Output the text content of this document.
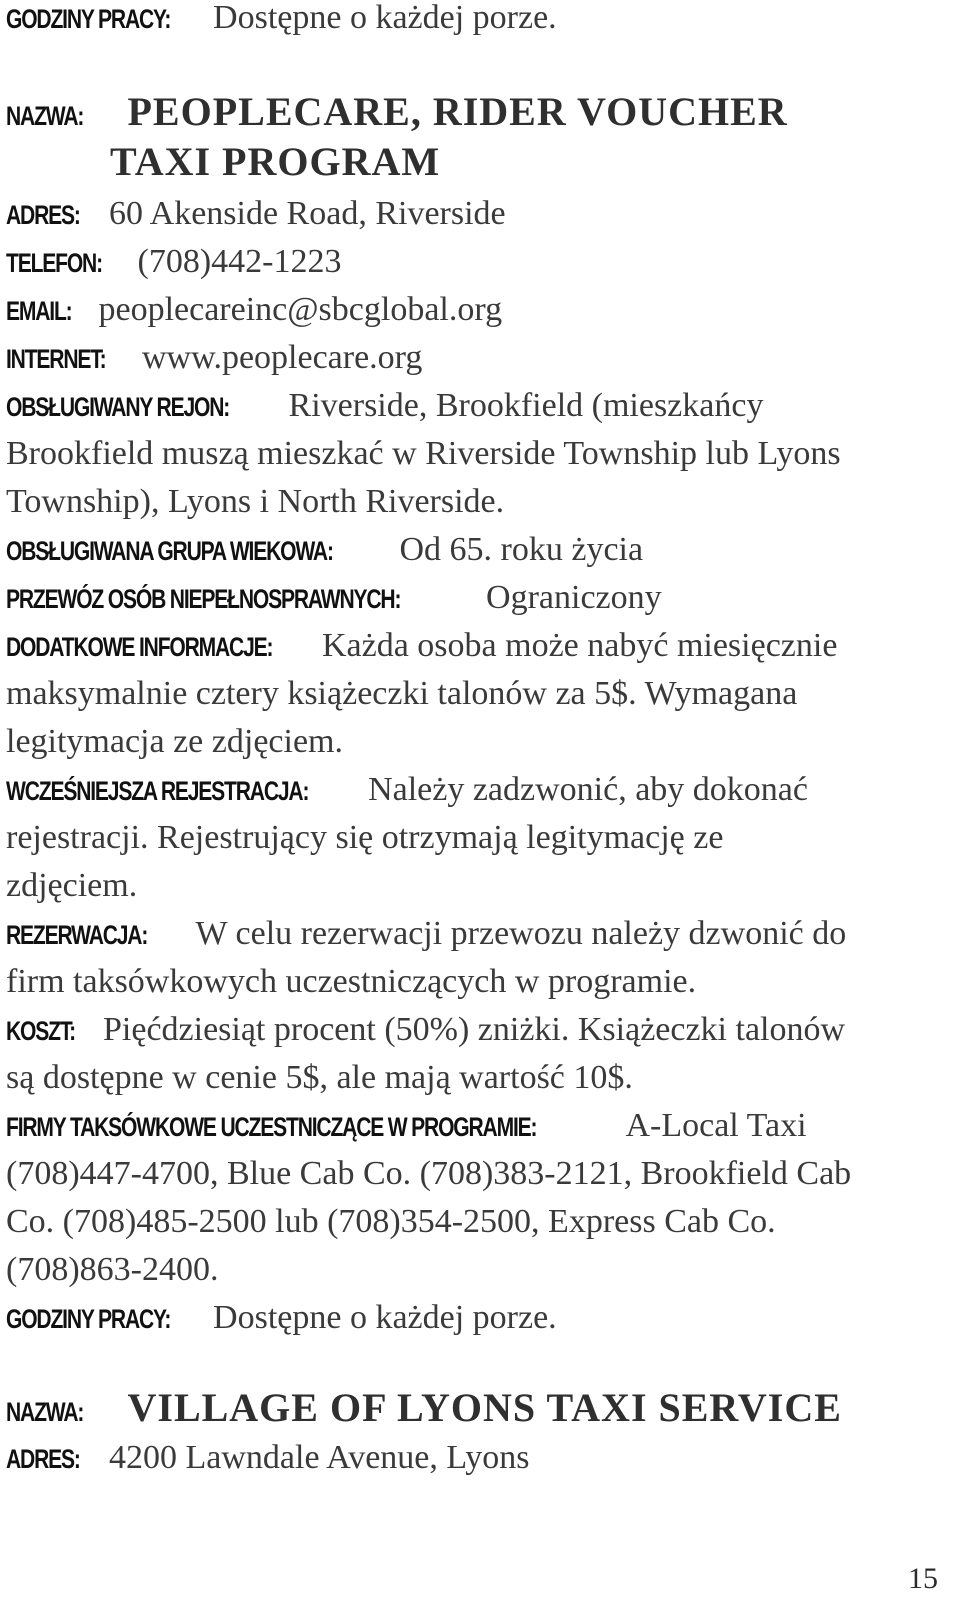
GODZINY PRACY: Dostępne o każdej porze.
NAZWA: PEOPLECARE, RIDER VOUCHER
TAXI PROGRAM
ADRES: 60 Akenside Road, Riverside
TELEFON: (708)442-1223
EMAIL: peoplecareinc@sbcglobal.org
INTERNET: www.peoplecare.org
OBSŁUGIWANY REJON: Riverside, Brookfield (mieszkańcy
Brookfield muszą mieszkać w Riverside Township lub Lyons
Township), Lyons i North Riverside.
OBSŁUGIWANA GRUPA WIEKOWA: Od 65. roku życia
PRZEWÓZ OSÓB NIEPEŁNOSPRAWNYCH:	Ograniczony
DODATKOWE INFORMACJE: Każda osoba może nabyć miesięcznie
maksymalnie cztery książeczki talonów za 5$. Wymagana
legitymacja ze zdjęciem.
WCZEŚNIEJSZA REJESTRACJA: Należy zadzwonić, aby dokonać
rejestracji. Rejestrujący się otrzymają legitymację ze
zdjęciem.
REZERWACJA: W celu rezerwacji przewozu należy dzwonić do
firm taksówkowych uczestniczących w programie.
KOSZT: Pięćdziesiąt procent (50%) zniżki. Książeczki talonów
są dostępne w cenie 5$, ale mają wartość 10$.
FIRMY TAKSÓWKOWE UCZESTNICZĄCE W PROGRAMIE:	A-Local Taxi
(708)447-4700, Blue Cab Co. (708)383-2121, Brookfield Cab
Co. (708)485-2500 lub (708)354-2500, Express Cab Co.
(708)863-2400.
GODZINY PRACY: Dostępne o każdej porze.
NAZWA: VILLAGE OF LYONS TAXI SERVICE
ADRES: 4200 Lawndale Avenue, Lyons
15
